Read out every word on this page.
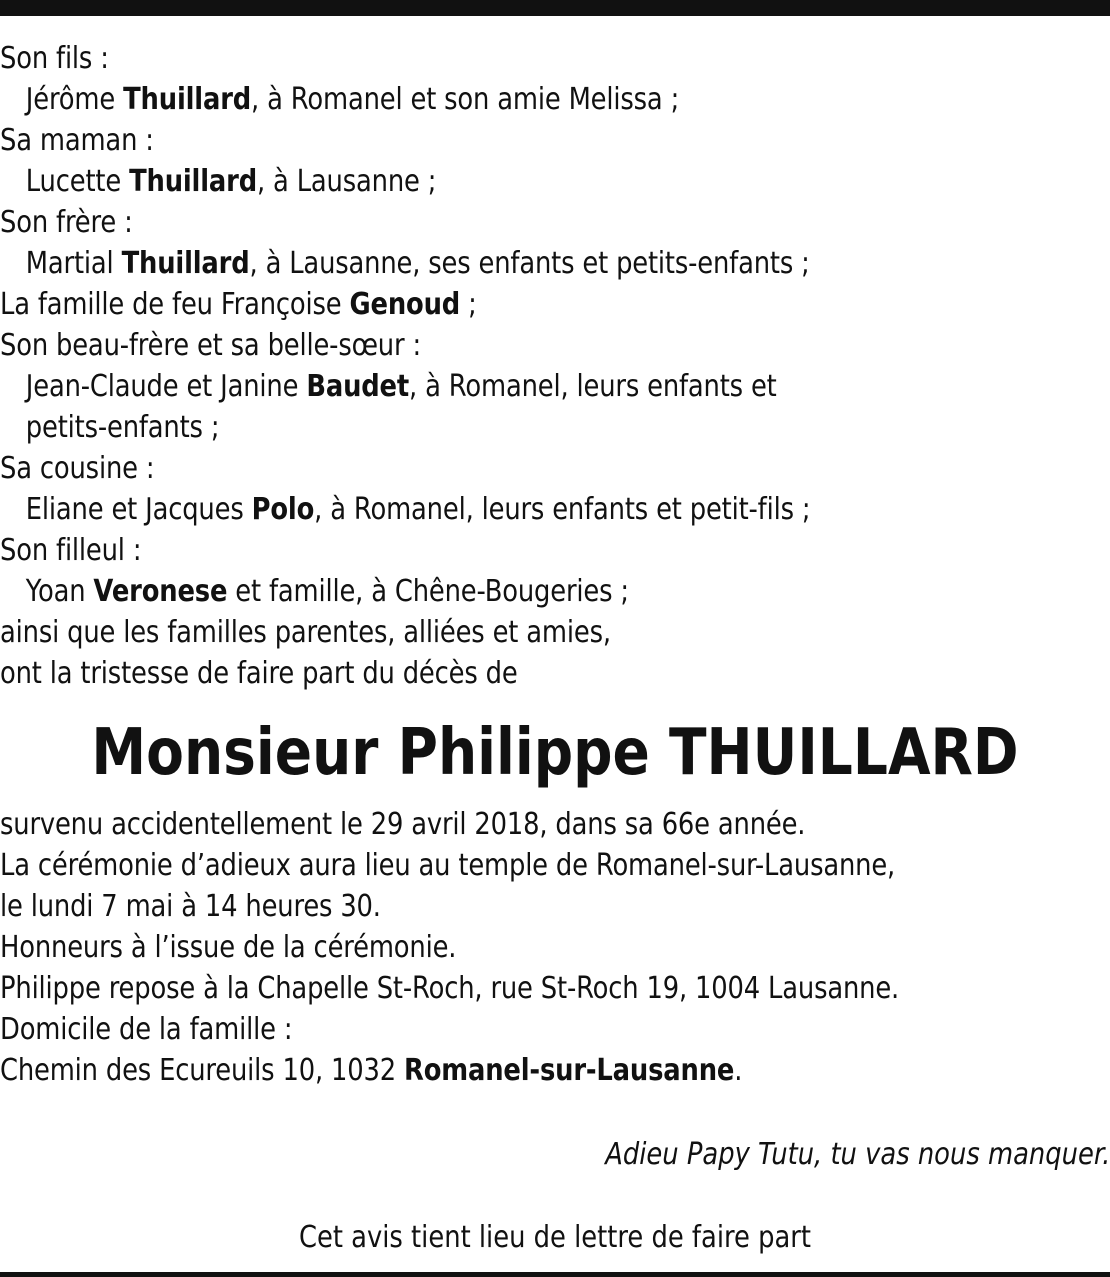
Son fils :
Jérôme Thuillard, à Romanel et son amie Melissa ;
Sa maman :
Lucette Thuillard, à Lausanne ;
Son frère :
Martial Thuillard, à Lausanne, ses enfants et petits-enfants ;
La famille de feu Françoise Genoud ;
Son beau-frère et sa belle-sœur :
Jean-Claude et Janine Baudet, à Romanel, leurs enfants et
petits-enfants ;
Sa cousine :
Eliane et Jacques Polo, à Romanel, leurs enfants et petit-fils ;
Son filleul :
Yoan Veronese et famille, à Chêne-Bougeries ;
ainsi que les familles parentes, alliées et amies,
ont la tristesse de faire part du décès de
Monsieur Philippe THUILLARD
survenu accidentellement le 29 avril 2018, dans sa 66e année.
La cérémonie d’adieux aura lieu au temple de Romanel-sur-Lausanne,
le lundi 7 mai à 14 heures 30.
Honneurs à l’issue de la cérémonie.
Philippe repose à la Chapelle St-Roch, rue St-Roch 19, 1004 Lausanne.
Domicile de la famille :
Chemin des Ecureuils 10, 1032 Romanel-sur-Lausanne.
Adieu Papy Tutu, tu vas nous manquer.
Cet avis tient lieu de lettre de faire part
